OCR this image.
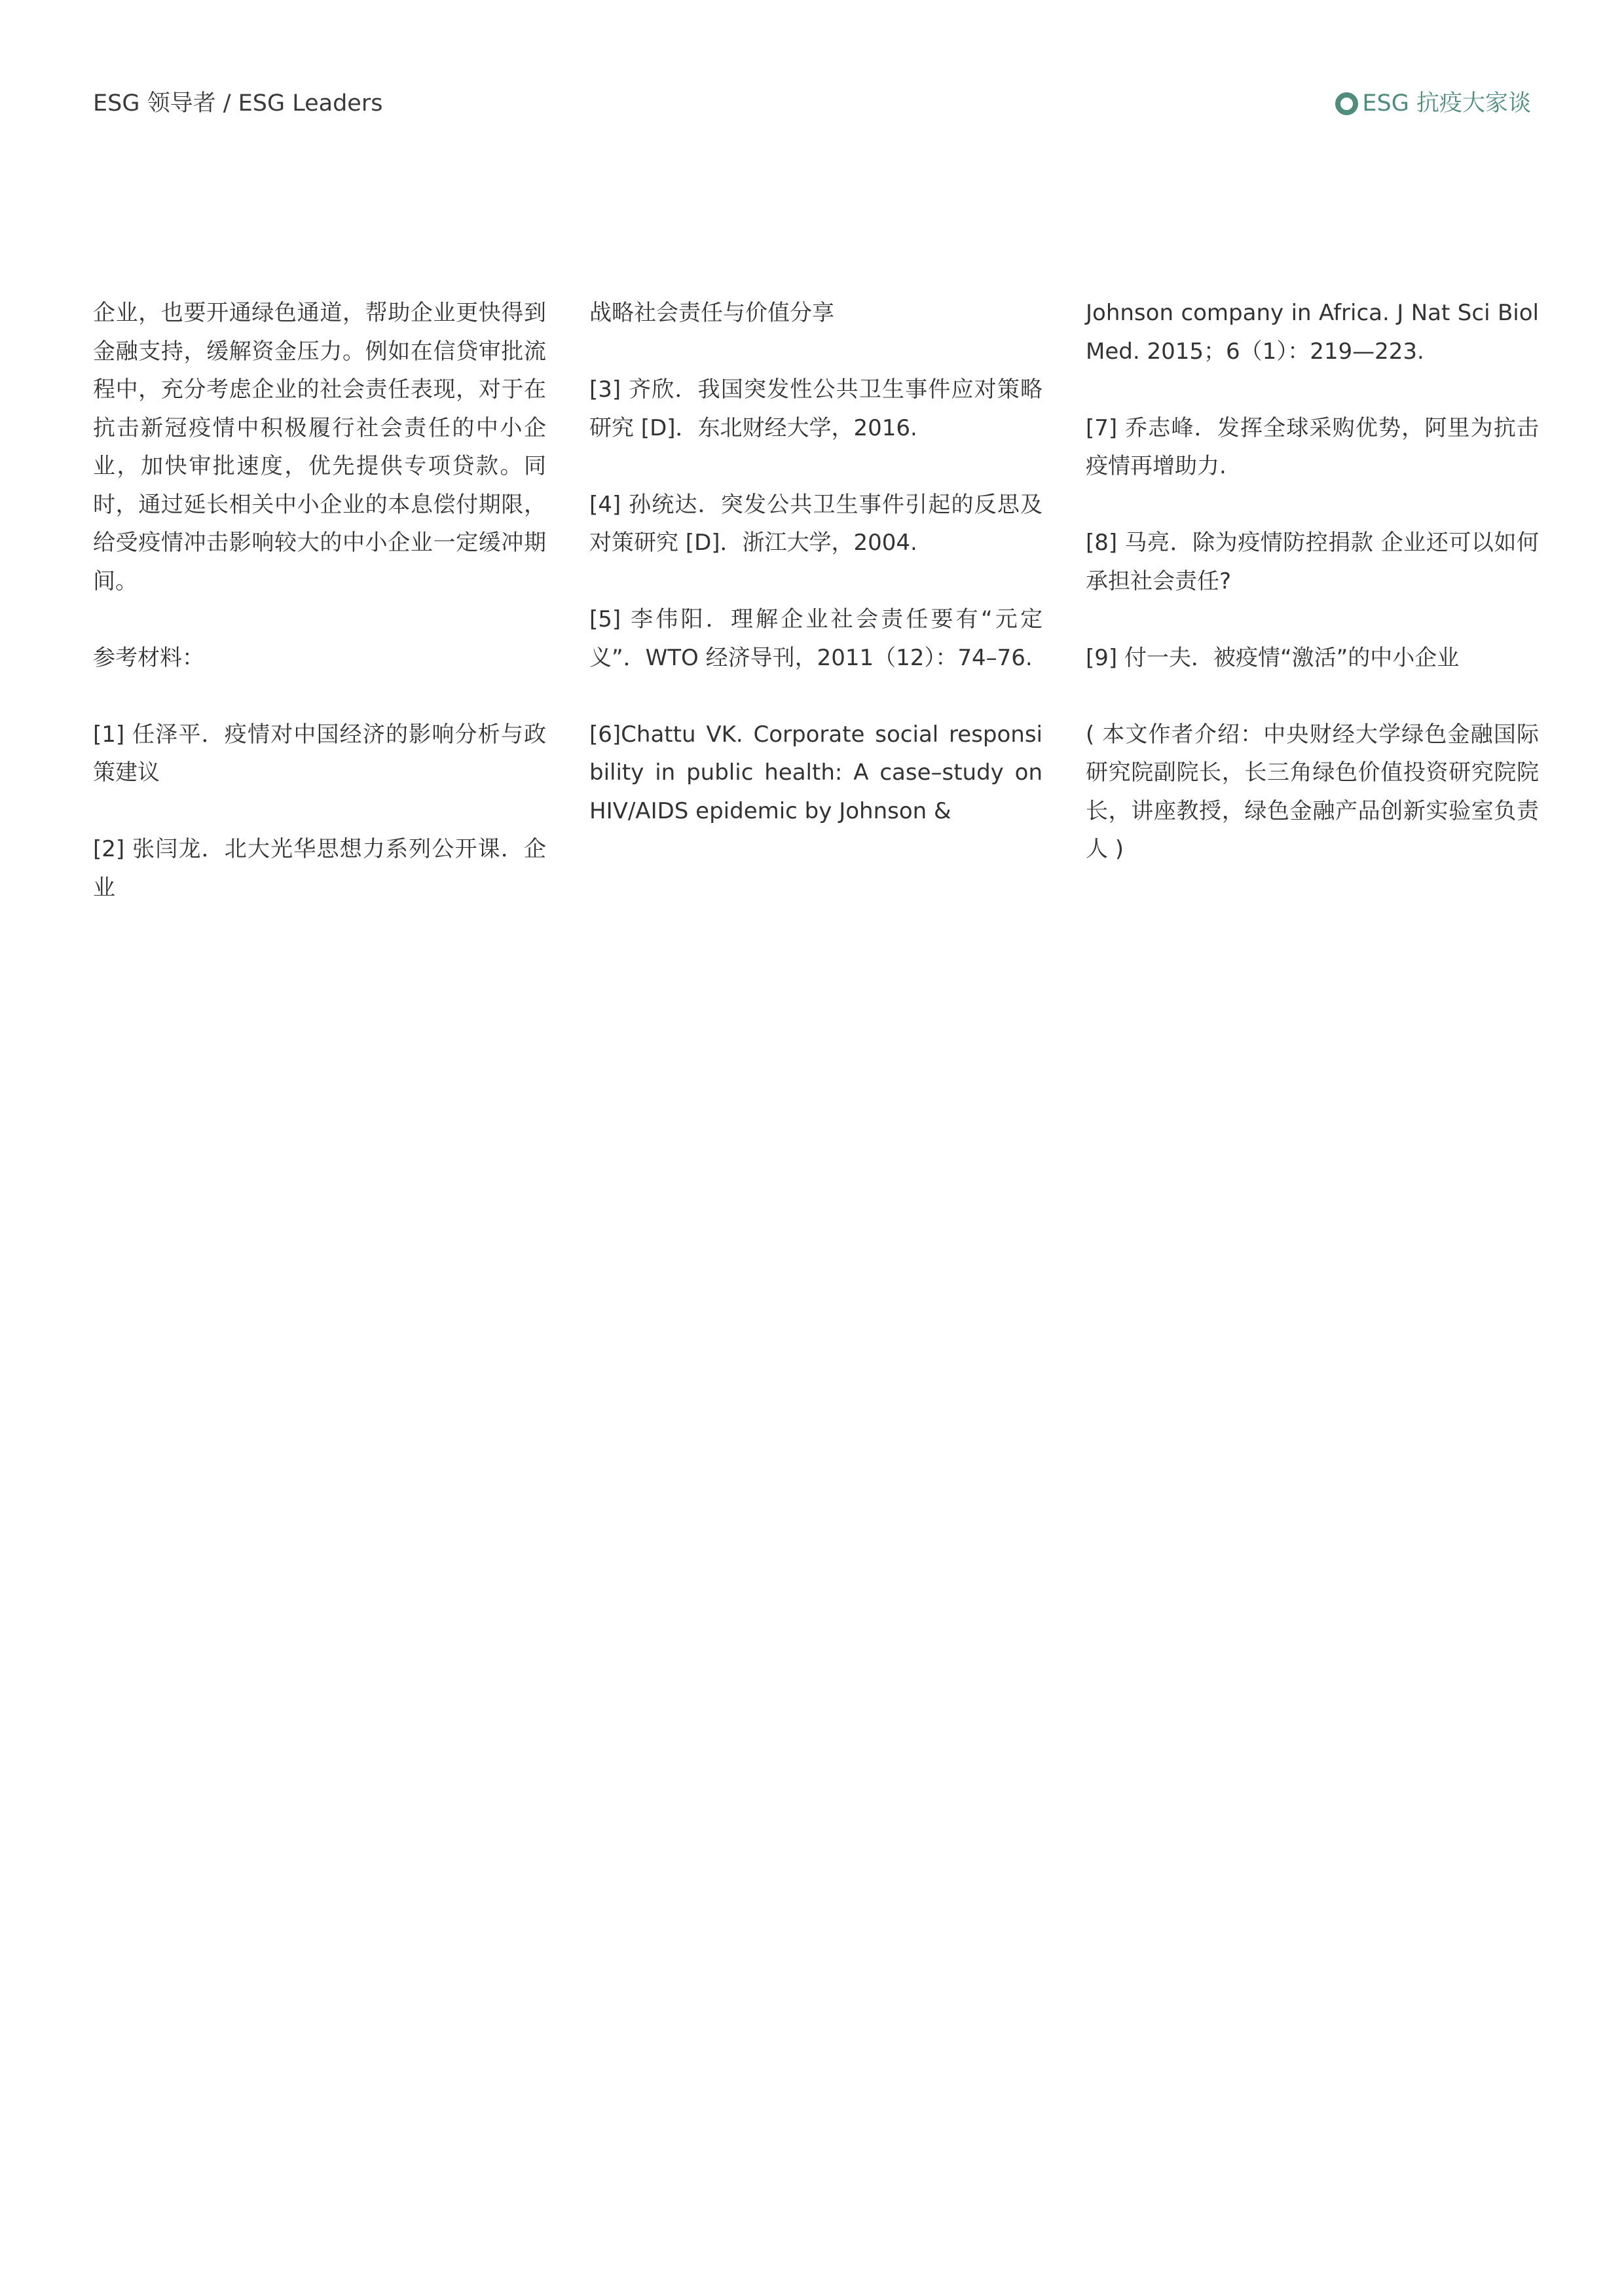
ESG 领导者 / ESG Leaders	ESG 抗疫大家谈

企业，也要开通绿色通道，帮助企业更快得到金融支持，缓解资金压力。例如在信贷审批流程中，充分考虑企业的社会责任表现，对于在抗击新冠疫情中积极履行社会责任的中小企业，加快审批速度，优先提供专项贷款。同时，通过延长相关中小企业的本息偿付期限，给受疫情冲击影响较大的中小企业一定缓冲期间。

参考材料：

[1] 任泽平．疫情对中国经济的影响分析与政策建议

[2] 张闫龙．北大光华思想力系列公开课．企业

战略社会责任与价值分享

[3] 齐欣．我国突发性公共卫生事件应对策略研究 [D]．东北财经大学，2016.

[4] 孙统达．突发公共卫生事件引起的反思及对策研究 [D]．浙江大学，2004.

[5] 李伟阳．理解企业社会责任要有“元定义”．WTO 经济导刊，2011（12）：74–76.

[6]Chattu VK. Corporate social responsibility in public health: A case–study on HIV/AIDS epidemic by Johnson &

Johnson company in Africa. J Nat Sci Biol Med. 2015；6（1）：219—223.

[7] 乔志峰．发挥全球采购优势，阿里为抗击疫情再增助力.

[8] 马亮．除为疫情防控捐款 企业还可以如何承担社会责任?

[9] 付一夫．被疫情“激活”的中小企业

( 本文作者介绍：中央财经大学绿色金融国际研究院副院长，长三角绿色价值投资研究院院长，讲座教授，绿色金融产品创新实验室负责人 )
